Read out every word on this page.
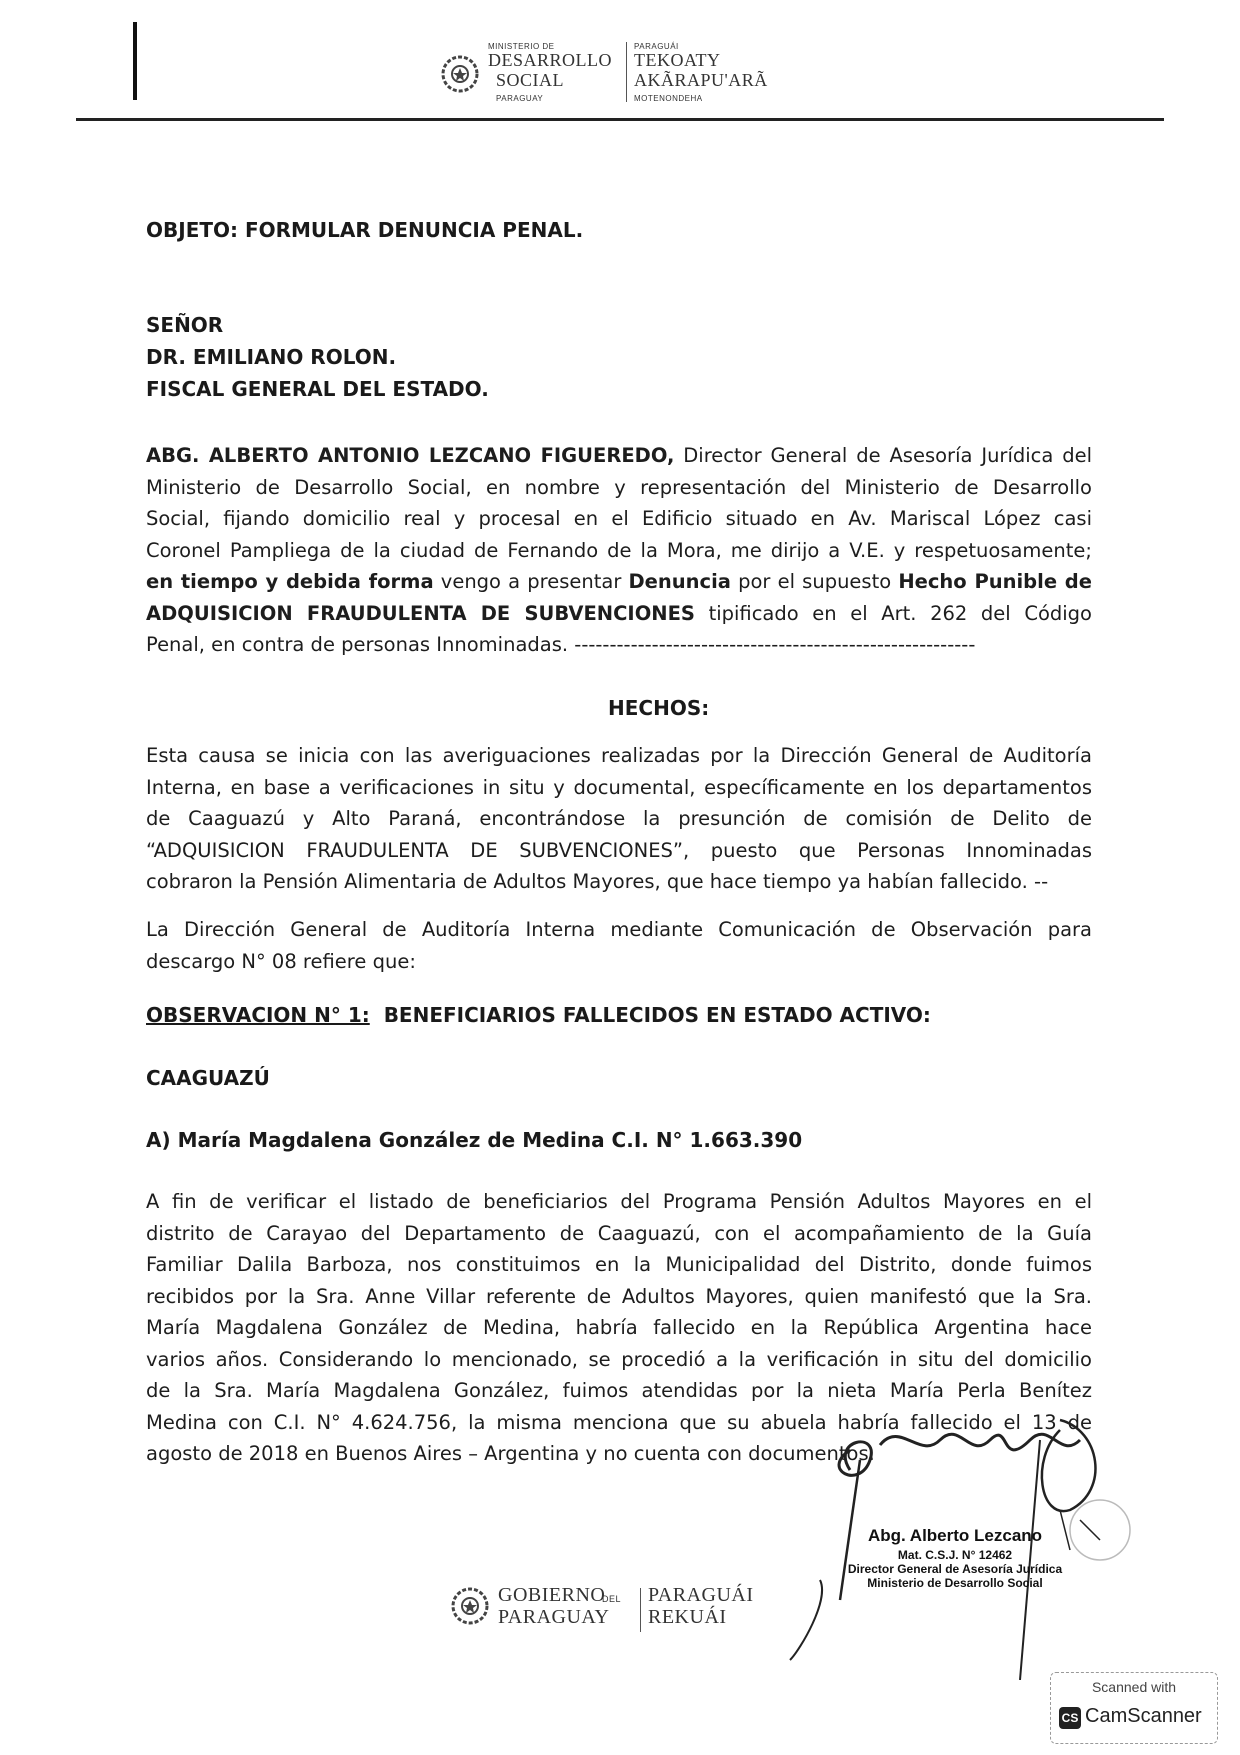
MINISTERIO DE
DESARROLLO
SOCIAL
PARAGUAY
PARAGUÁI
TEKOATY
AKÃRAPU'ARÃ
MOTENONDEHA
OBJETO: FORMULAR DENUNCIA PENAL.
SEÑOR
DR. EMILIANO ROLON.
FISCAL GENERAL DEL ESTADO.
ABG. ALBERTO ANTONIO LEZCANO FIGUEREDO, Director General de Asesoría Jurídica del
Ministerio de Desarrollo Social, en nombre y representación del Ministerio de Desarrollo
Social, fijando domicilio real y procesal en el Edificio situado en Av. Mariscal López casi
Coronel Pampliega de la ciudad de Fernando de la Mora, me dirijo a V.E. y respetuosamente;
en tiempo y debida forma vengo a presentar Denuncia por el supuesto Hecho Punible de
ADQUISICION FRAUDULENTA DE SUBVENCIONES tipificado en el Art. 262 del Código
Penal, en contra de personas Innominadas. ---------------------------------------------------------
HECHOS:
Esta causa se inicia con las averiguaciones realizadas por la Dirección General de Auditoría
Interna, en base a verificaciones in situ y documental, específicamente en los departamentos
de Caaguazú y Alto Paraná, encontrándose la presunción de comisión de Delito de
“ADQUISICION FRAUDULENTA DE SUBVENCIONES”, puesto que Personas Innominadas
cobraron la Pensión Alimentaria de Adultos Mayores, que hace tiempo ya habían fallecido. --
La Dirección General de Auditoría Interna mediante Comunicación de Observación para
descargo N° 08 refiere que:
OBSERVACION N° 1: BENEFICIARIOS FALLECIDOS EN ESTADO ACTIVO:
CAAGUAZÚ
A) María Magdalena González de Medina C.I. N° 1.663.390
A fin de verificar el listado de beneficiarios del Programa Pensión Adultos Mayores en el
distrito de Carayao del Departamento de Caaguazú, con el acompañamiento de la Guía
Familiar Dalila Barboza, nos constituimos en la Municipalidad del Distrito, donde fuimos
recibidos por la Sra. Anne Villar referente de Adultos Mayores, quien manifestó que la Sra.
María Magdalena González de Medina, habría fallecido en la República Argentina hace
varios años. Considerando lo mencionado, se procedió a la verificación in situ del domicilio
de la Sra. María Magdalena González, fuimos atendidas por la nieta María Perla Benítez
Medina con C.I. N° 4.624.756, la misma menciona que su abuela habría fallecido el 13 de
agosto de 2018 en Buenos Aires – Argentina y no cuenta con documentos.
Abg. Alberto Lezcano
Mat. C.S.J. N° 12462
Director General de Asesoría Jurídica
Ministerio de Desarrollo Social
GOBIERNO
DEL
PARAGUAY
PARAGUÁI
REKUÁI
Scanned with
CS CamScanner
